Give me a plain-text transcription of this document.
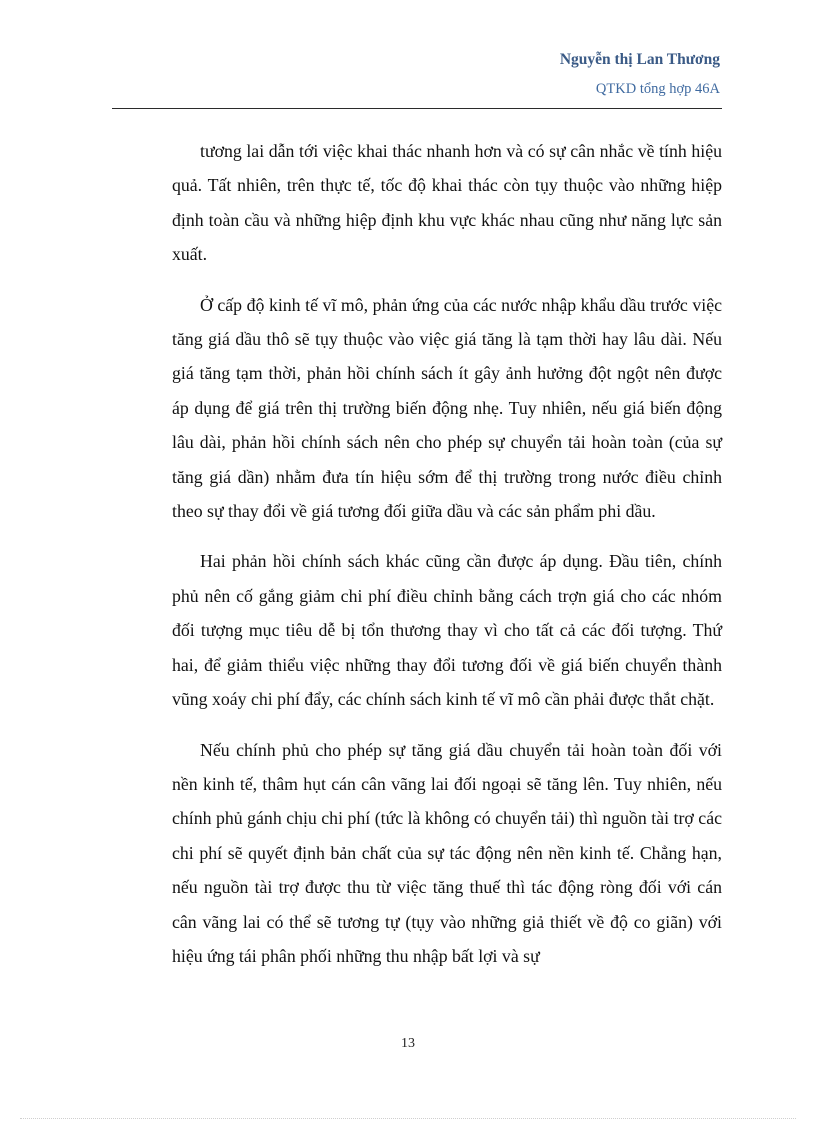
Nguyễn thị Lan Thương
QTKD tổng hợp 46A

tương lai dẫn tới việc khai thác nhanh hơn và có sự cân nhắc về tính hiệu quả. Tất nhiên, trên thực tế, tốc độ khai thác còn tụy thuộc vào những hiệp định toàn cầu và những hiệp định khu vực khác nhau cũng như năng lực sản xuất.

Ở cấp độ kinh tế vĩ mô, phản ứng của các nước nhập khẩu dầu trước việc tăng giá dầu thô sẽ tụy thuộc vào việc giá tăng là tạm thời hay lâu dài. Nếu giá tăng tạm thời, phản hồi chính sách ít gây ảnh hưởng đột ngột nên được áp dụng để giá trên thị trường biến động nhẹ. Tuy nhiên, nếu giá biến động lâu dài, phản hồi chính sách nên cho phép sự chuyển tải hoàn toàn (của sự tăng giá dần) nhằm đưa tín hiệu sớm để thị trường trong nước điều chỉnh theo sự thay đổi về giá tương đối giữa dầu và các sản phẩm phi dầu.

Hai phản hồi chính sách khác cũng cần được áp dụng. Đầu tiên, chính phủ nên cố gắng giảm chi phí điều chỉnh bằng cách trợn giá cho các nhóm đối tượng mục tiêu dễ bị tổn thương thay vì cho tất cả các đối tượng. Thứ hai, để giảm thiểu việc những thay đổi tương đối về giá biến chuyển thành vũng xoáy chi phí đẩy, các chính sách kinh tế vĩ mô cần phải được thắt chặt.

Nếu chính phủ cho phép sự tăng giá dầu chuyển tải hoàn toàn đối với nền kinh tế, thâm hụt cán cân vãng lai đối ngoại sẽ tăng lên. Tuy nhiên, nếu chính phủ gánh chịu chi phí (tức là không có chuyển tải) thì nguồn tài trợ các chi phí sẽ quyết định bản chất của sự tác động nên nền kinh tế. Chẳng hạn, nếu nguồn tài trợ được thu từ việc tăng thuế thì tác động ròng đối với cán cân vãng lai có thể sẽ tương tự (tụy vào những giả thiết về độ co giãn) với hiệu ứng tái phân phối những thu nhập bất lợi và sự

13
